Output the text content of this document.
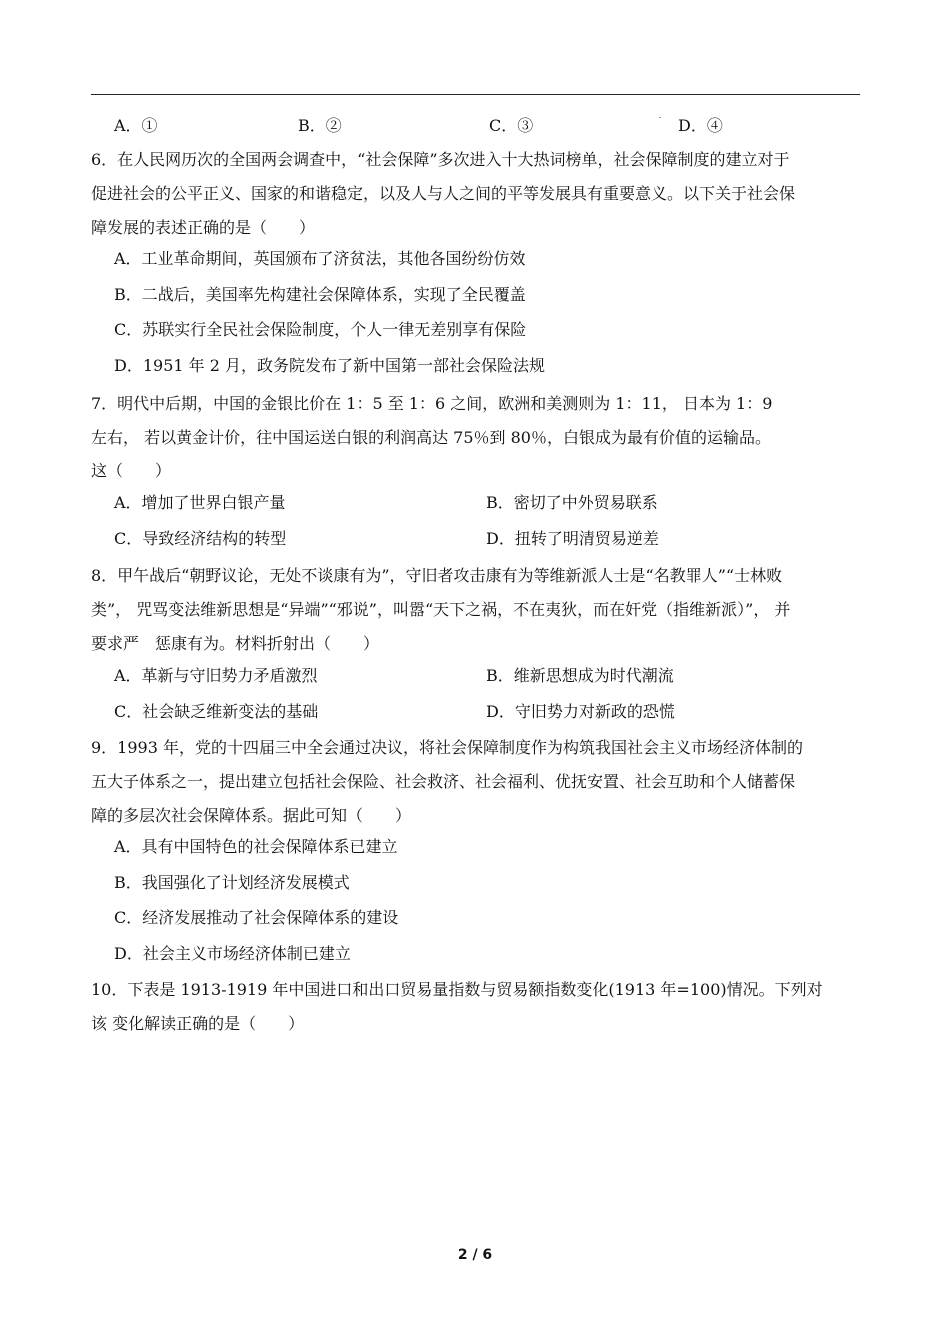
A．①	B．②	C．③	D．④
6．在人民网历次的全国两会调查中，“社会保障”多次进入十大热词榜单，社会保障制度的建立对于
促进社会的公平正义、国家的和谐稳定，以及人与人之间的平等发展具有重要意义。以下关于社会保
障发展的表述正确的是（　　）
A．工业革命期间，英国颁布了济贫法，其他各国纷纷仿效
B．二战后，美国率先构建社会保障体系，实现了全民覆盖
C．苏联实行全民社会保险制度，个人一律无差别享有保险
D．1951 年 2 月，政务院发布了新中国第一部社会保险法规
7．明代中后期，中国的金银比价在 1：5 至 1：6 之间，欧洲和美测则为 1：11， 日本为 1：9
左右， 若以黄金计价，往中国运送白银的利润高达 75％到 80％，白银成为最有价值的运输品。
这（　　）
A．增加了世界白银产量	B．密切了中外贸易联系
C．导致经济结构的转型	D．扭转了明清贸易逆差
8．甲午战后“朝野议论，无处不谈康有为”，守旧者攻击康有为等维新派人士是“名教罪人”“士林败
类”， 咒骂变法维新思想是“异端”“邪说”，叫嚣“天下之祸，不在夷狄，而在奸党（指维新派）”， 并
要求严　惩康有为。材料折射出（　　）
A．革新与守旧势力矛盾激烈	B．维新思想成为时代潮流
C．社会缺乏维新变法的基础	D．守旧势力对新政的恐慌
9．1993 年，党的十四届三中全会通过决议，将社会保障制度作为构筑我国社会主义市场经济体制的
五大子体系之一，提出建立包括社会保险、社会救济、社会福利、优抚安置、社会互助和个人储蓄保
障的多层次社会保障体系。据此可知（　　）
A．具有中国特色的社会保障体系已建立
B．我国强化了计划经济发展模式
C．经济发展推动了社会保障体系的建设
D．社会主义市场经济体制已建立
10．下表是 1913-1919 年中国进口和出口贸易量指数与贸易额指数变化(1913 年=100)情况。下列对
该 变化解读正确的是（　　）
2 / 6
